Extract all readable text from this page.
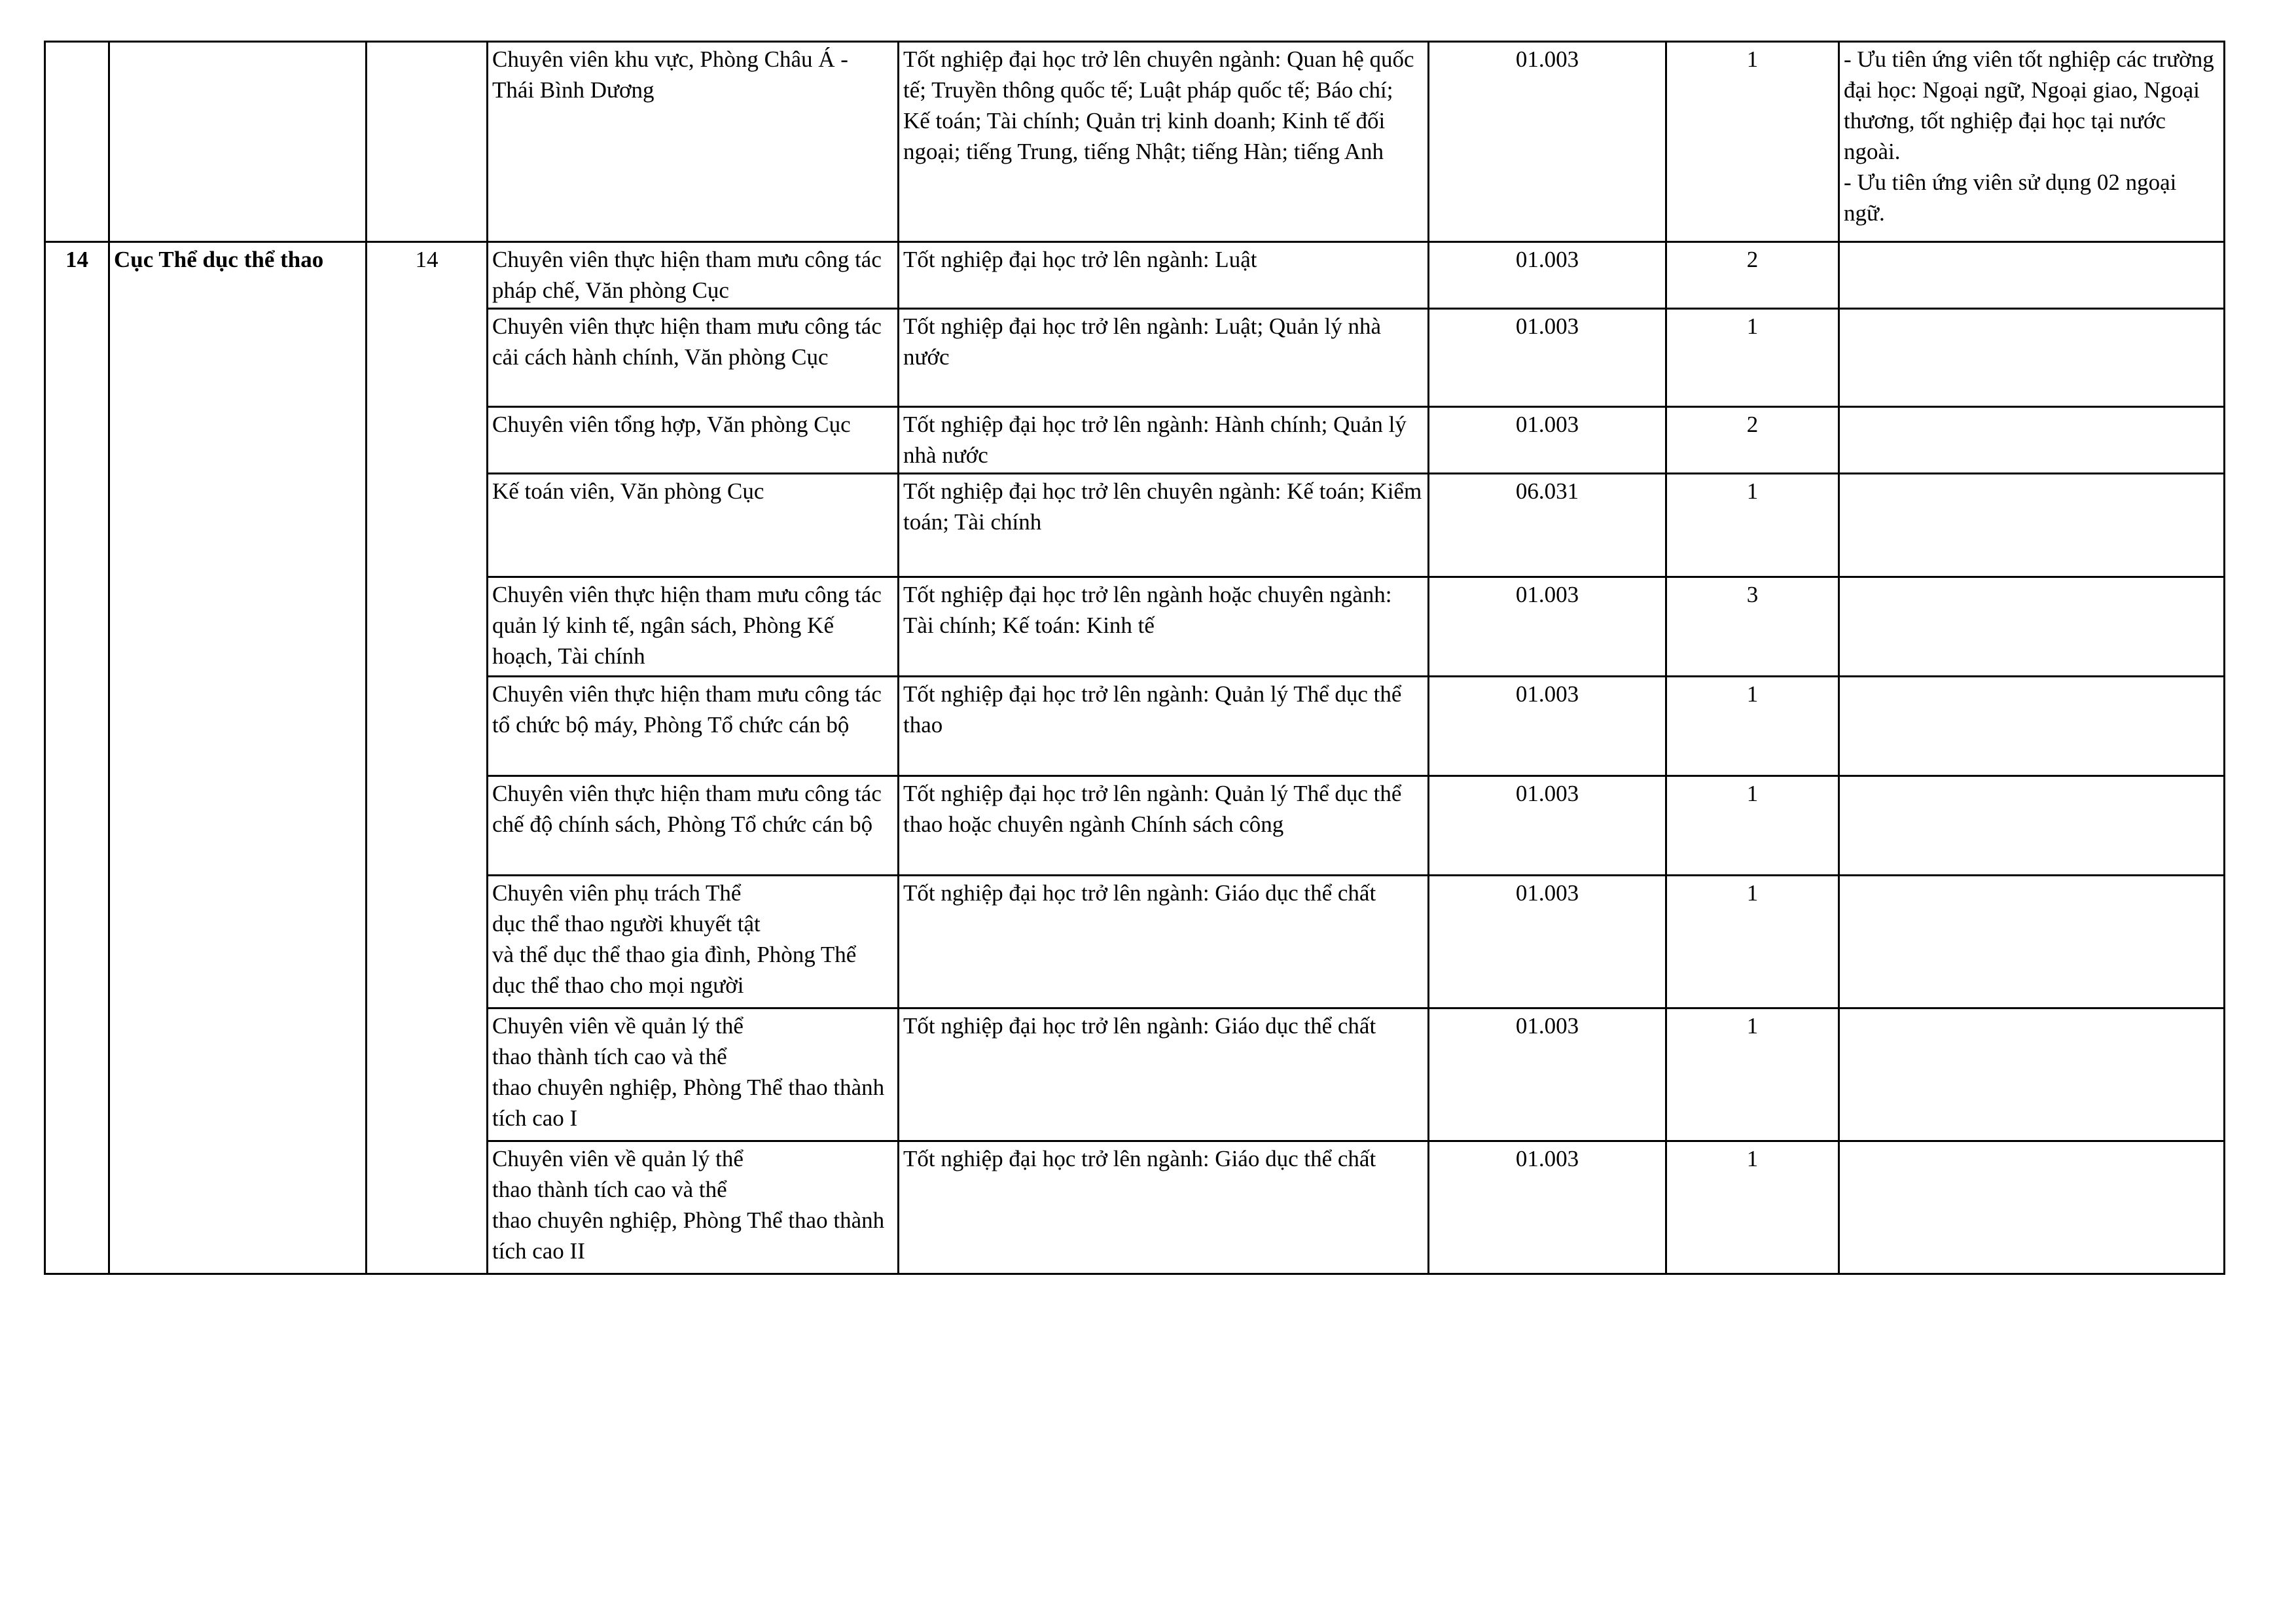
			Chuyên viên khu vực, Phòng Châu Á - Thái Bình Dương	Tốt nghiệp đại học trở lên chuyên ngành: Quan hệ quốc tế; Truyền thông quốc tế; Luật pháp quốc tế; Báo chí; Kế toán; Tài chính; Quản trị kinh doanh; Kinh tế đối ngoại; tiếng Trung, tiếng Nhật; tiếng Hàn; tiếng Anh	01.003	1	- Ưu tiên ứng viên tốt nghiệp các trường đại học: Ngoại ngữ, Ngoại giao, Ngoại thương, tốt nghiệp đại học tại nước ngoài.
- Ưu tiên ứng viên sử dụng 02 ngoại ngữ.

14	Cục Thể dục thể thao	14	Chuyên viên thực hiện tham mưu công tác pháp chế, Văn phòng Cục	Tốt nghiệp đại học trở lên ngành: Luật	01.003	2	

			Chuyên viên thực hiện tham mưu công tác cải cách hành chính, Văn phòng Cục	Tốt nghiệp đại học trở lên ngành: Luật; Quản lý nhà nước	01.003	1	

			Chuyên viên tổng hợp, Văn phòng Cục	Tốt nghiệp đại học trở lên ngành: Hành chính; Quản lý nhà nước	01.003	2	

			Kế toán viên, Văn phòng Cục	Tốt nghiệp đại học trở lên chuyên ngành: Kế toán; Kiểm toán; Tài chính	06.031	1	

			Chuyên viên thực hiện tham mưu công tác quản lý kinh tế, ngân sách, Phòng Kế hoạch, Tài chính	Tốt nghiệp đại học trở lên ngành hoặc chuyên ngành: Tài chính; Kế toán: Kinh tế	01.003	3	

			Chuyên viên thực hiện tham mưu công tác tổ chức bộ máy, Phòng Tổ chức cán bộ	Tốt nghiệp đại học trở lên ngành: Quản lý Thể dục thể thao	01.003	1	

			Chuyên viên thực hiện tham mưu công tác chế độ chính sách, Phòng Tổ chức cán bộ	Tốt nghiệp đại học trở lên ngành: Quản lý Thể dục thể thao hoặc chuyên ngành Chính sách công	01.003	1	

			Chuyên viên phụ trách Thể
dục thể thao người khuyết tật
và thể dục thể thao gia đình, Phòng Thể dục thể thao cho mọi người	Tốt nghiệp đại học trở lên ngành: Giáo dục thể chất	01.003	1	

			Chuyên viên về quản lý thể
thao thành tích cao và thể
thao chuyên nghiệp, Phòng Thể thao thành tích cao I	Tốt nghiệp đại học trở lên ngành: Giáo dục thể chất	01.003	1	

			Chuyên viên về quản lý thể
thao thành tích cao và thể
thao chuyên nghiệp, Phòng Thể thao thành tích cao II	Tốt nghiệp đại học trở lên ngành: Giáo dục thể chất	01.003	1	
